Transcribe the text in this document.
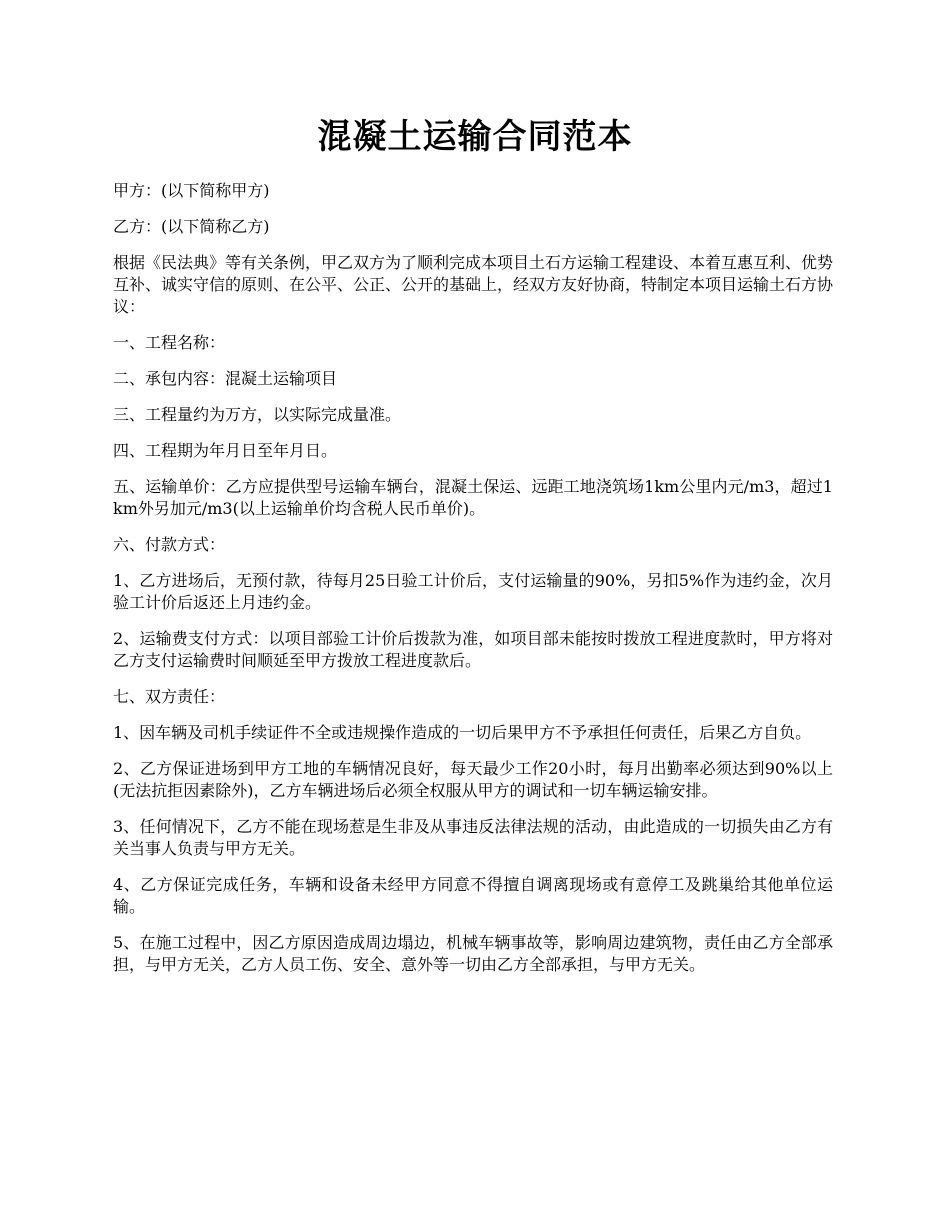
混凝土运输合同范本

甲方：(以下简称甲方)

乙方：(以下简称乙方)

根据《民法典》等有关条例，甲乙双方为了顺利完成本项目土石方运输工程建设、本着互惠互利、优势互补、诚实守信的原则、在公平、公正、公开的基础上，经双方友好协商，特制定本项目运输土石方协议：

一、工程名称：

二、承包内容：混凝土运输项目

三、工程量约为万方，以实际完成量准。

四、工程期为年月日至年月日。

五、运输单价：乙方应提供型号运输车辆台，混凝土保运、远距工地浇筑场1km公里内元/m3，超过1km外另加元/m3(以上运输单价均含税人民币单价)。

六、付款方式：

1、乙方进场后，无预付款，待每月25日验工计价后，支付运输量的90%，另扣5%作为违约金，次月验工计价后返还上月违约金。

2、运输费支付方式：以项目部验工计价后拨款为准，如项目部未能按时拨放工程进度款时，甲方将对乙方支付运输费时间顺延至甲方拨放工程进度款后。

七、双方责任：

1、因车辆及司机手续证件不全或违规操作造成的一切后果甲方不予承担任何责任，后果乙方自负。

2、乙方保证进场到甲方工地的车辆情况良好，每天最少工作20小时，每月出勤率必须达到90%以上(无法抗拒因素除外)，乙方车辆进场后必须全权服从甲方的调试和一切车辆运输安排。

3、任何情况下，乙方不能在现场惹是生非及从事违反法律法规的活动，由此造成的一切损失由乙方有关当事人负责与甲方无关。

4、乙方保证完成任务，车辆和设备未经甲方同意不得擅自调离现场或有意停工及跳巢给其他单位运输。

5、在施工过程中，因乙方原因造成周边塌边，机械车辆事故等，影响周边建筑物，责任由乙方全部承担，与甲方无关，乙方人员工伤、安全、意外等一切由乙方全部承担，与甲方无关。
